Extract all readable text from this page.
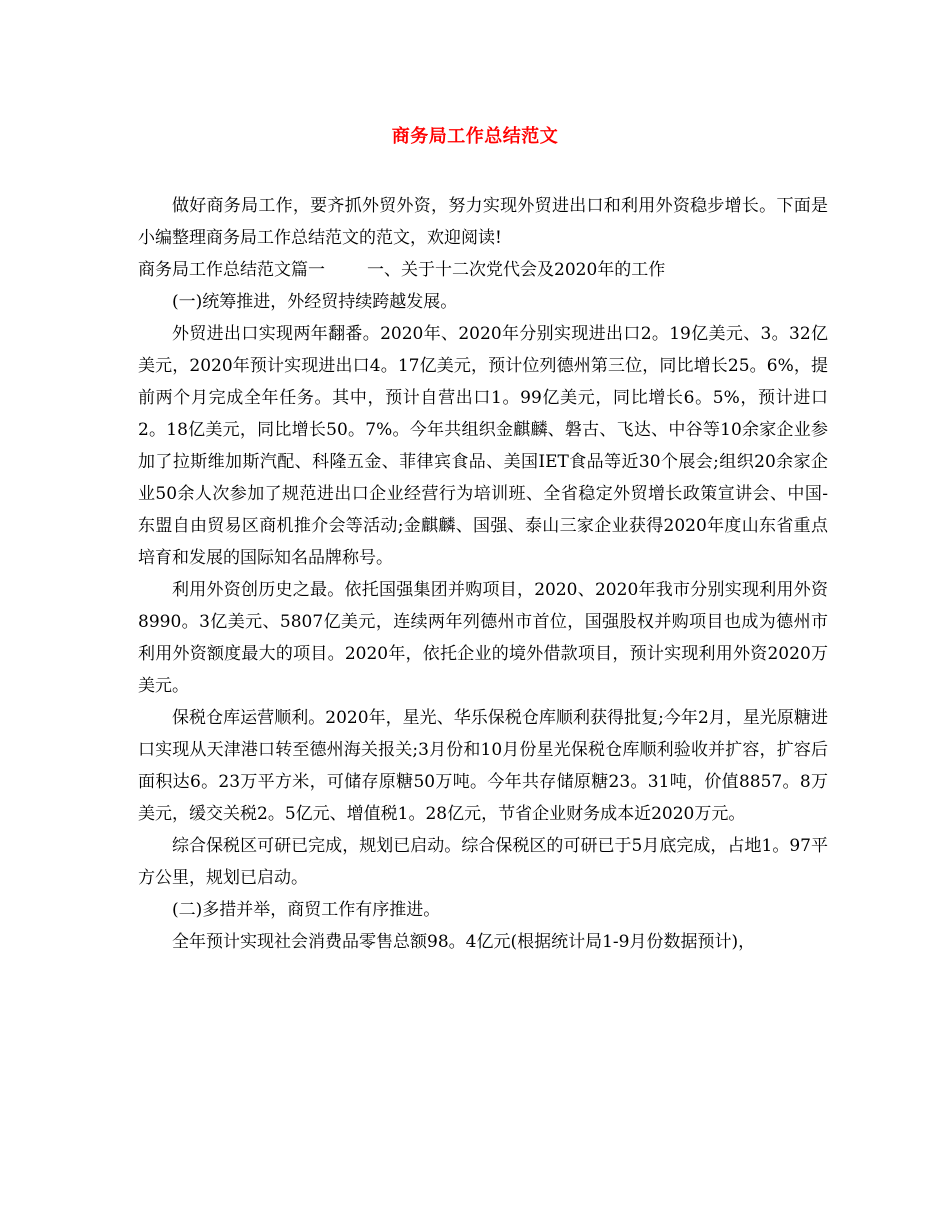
商务局工作总结范文

做好商务局工作，要齐抓外贸外资，努力实现外贸进出口和利用外资稳步增长。下面是小编整理商务局工作总结范文的范文，欢迎阅读!

商务局工作总结范文篇一 一、关于十二次党代会及2020年的工作

(一)统筹推进，外经贸持续跨越发展。

外贸进出口实现两年翻番。2020年、2020年分别实现进出口2。19亿美元、3。32亿美元，2020年预计实现进出口4。17亿美元，预计位列德州第三位，同比增长25。6%，提前两个月完成全年任务。其中，预计自营出口1。99亿美元，同比增长6。5%，预计进口2。18亿美元，同比增长50。7%。今年共组织金麒麟、磐古、飞达、中谷等10余家企业参加了拉斯维加斯汽配、科隆五金、菲律宾食品、美国IET食品等近30个展会;组织20余家企业50余人次参加了规范进出口企业经营行为培训班、全省稳定外贸增长政策宣讲会、中国-东盟自由贸易区商机推介会等活动;金麒麟、国强、泰山三家企业获得2020年度山东省重点培育和发展的国际知名品牌称号。

利用外资创历史之最。依托国强集团并购项目，2020、2020年我市分别实现利用外资8990。3亿美元、5807亿美元，连续两年列德州市首位，国强股权并购项目也成为德州市利用外资额度最大的项目。2020年，依托企业的境外借款项目，预计实现利用外资2020万美元。

保税仓库运营顺利。2020年，星光、华乐保税仓库顺利获得批复;今年2月，星光原糖进口实现从天津港口转至德州海关报关;3月份和10月份星光保税仓库顺利验收并扩容，扩容后面积达6。23万平方米，可储存原糖50万吨。今年共存储原糖23。31吨，价值8857。8万美元，缓交关税2。5亿元、增值税1。28亿元，节省企业财务成本近2020万元。

综合保税区可研已完成，规划已启动。综合保税区的可研已于5月底完成，占地1。97平方公里，规划已启动。

(二)多措并举，商贸工作有序推进。

全年预计实现社会消费品零售总额98。4亿元(根据统计局1-9月份数据预计)，
